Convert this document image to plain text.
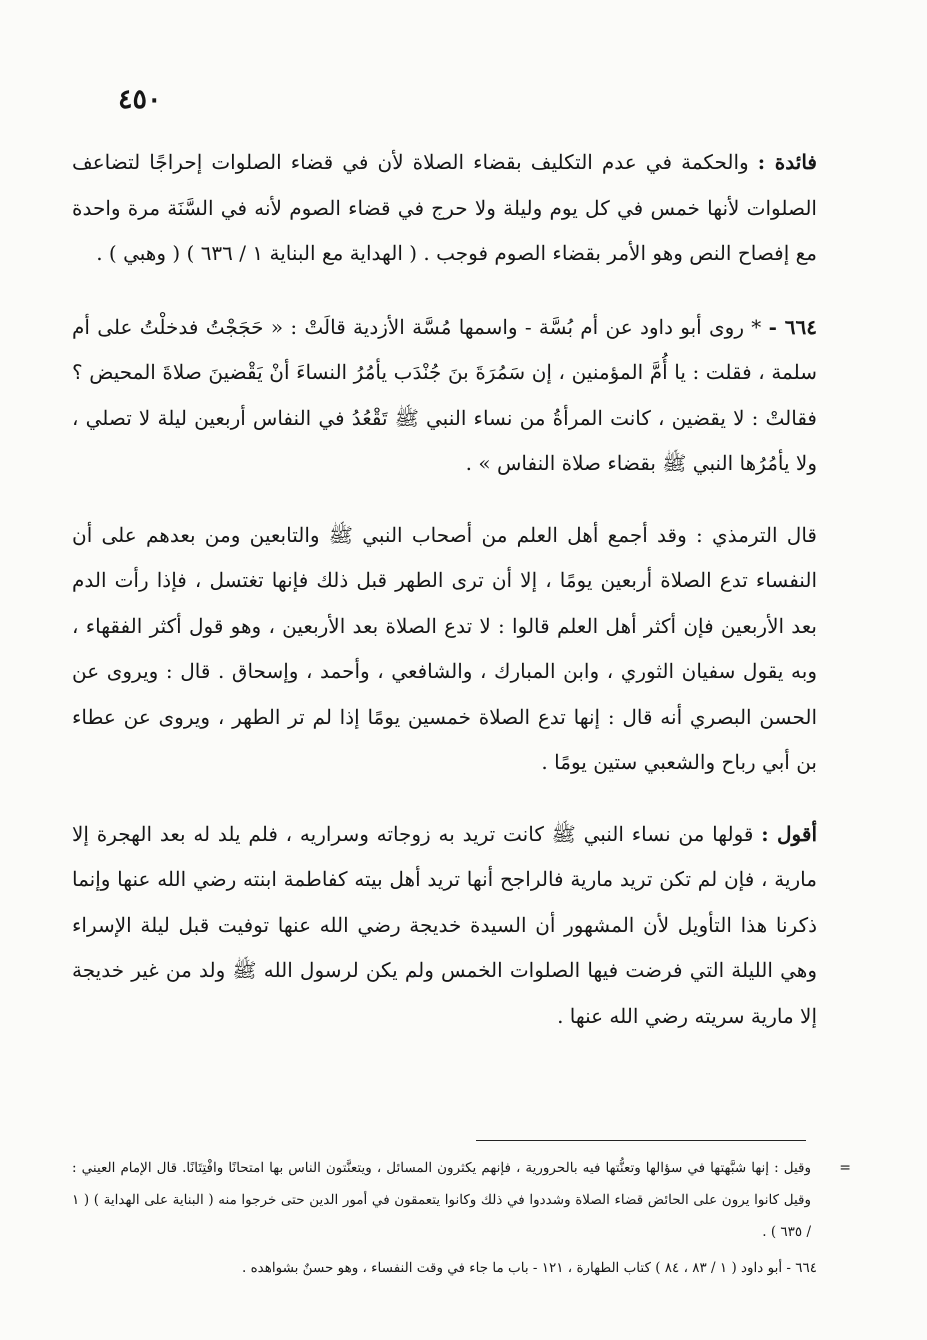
٤٥٠

فائدة : والحكمة في عدم التكليف بقضاء الصلاة لأن في قضاء الصلوات إحراجًا لتضاعف الصلوات لأنها خمس في كل يوم وليلة ولا حرج في قضاء الصوم لأنه في السَّنَة مرة واحدة مع إفصاح النص وهو الأمر بقضاء الصوم فوجب . ( الهداية مع البناية ١ / ٦٣٦ ) ( وهبي ) .

٦٦٤ - * روى أبو داود عن أم بُسَّة - واسمها مُسَّة الأزدية قالَتْ : « حَجَجْتُ فدخلْتُ على أم سلمة ، فقلت : يا أُمَّ المؤمنين ، إن سَمُرَةَ بنَ جُنْدَب يأمُرُ النساءَ أنْ يَقْضينَ صلاةَ المحيض ؟ فقالتْ : لا يقضين ، كانت المرأةُ من نساء النبي ﷺ تَقْعُدُ في النفاس أربعين ليلة لا تصلي ، ولا يأمُرُها النبي ﷺ بقضاء صلاة النفاس » .

قال الترمذي : وقد أجمع أهل العلم من أصحاب النبي ﷺ والتابعين ومن بعدهم على أن النفساء تدع الصلاة أربعين يومًا ، إلا أن ترى الطهر قبل ذلك فإنها تغتسل ، فإذا رأت الدم بعد الأربعين فإن أكثر أهل العلم قالوا : لا تدع الصلاة بعد الأربعين ، وهو قول أكثر الفقهاء ، وبه يقول سفيان الثوري ، وابن المبارك ، والشافعي ، وأحمد ، وإسحاق . قال : ويروى عن الحسن البصري أنه قال : إنها تدع الصلاة خمسين يومًا إذا لم تر الطهر ، ويروى عن عطاء بن أبي رباح والشعبي ستين يومًا .

أقول : قولها من نساء النبي ﷺ كانت تريد به زوجاته وسراريه ، فلم يلد له بعد الهجرة إلا مارية ، فإن لم تكن تريد مارية فالراجح أنها تريد أهل بيته كفاطمة ابنته رضي الله عنها وإنما ذكرنا هذا التأويل لأن المشهور أن السيدة خديجة رضي الله عنها توفيت قبل ليلة الإسراء وهي الليلة التي فرضت فيها الصلوات الخمس ولم يكن لرسول الله ﷺ ولد من غير خديجة إلا مارية سريته رضي الله عنها .

=
وقيل : إنها شبَّهتها في سؤالها وتعنُّتها فيه بالحرورية ، فإنهم يكثرون المسائل ، ويتعنَّتون الناس بها امتحانًا وافْتِتَانًا. قال الإمام العيني : وقيل كانوا يرون على الحائض قضاء الصلاة وشددوا في ذلك وكانوا يتعمقون في أمور الدين حتى خرجوا منه ( البناية على الهداية ) ( ١ / ٦٣٥ ) .

٦٦٤ - أبو داود ( ١ / ٨٣ ، ٨٤ ) كتاب الطهارة ، ١٢١ - باب ما جاء في وقت النفساء ، وهو حسنٌ بشواهده .
